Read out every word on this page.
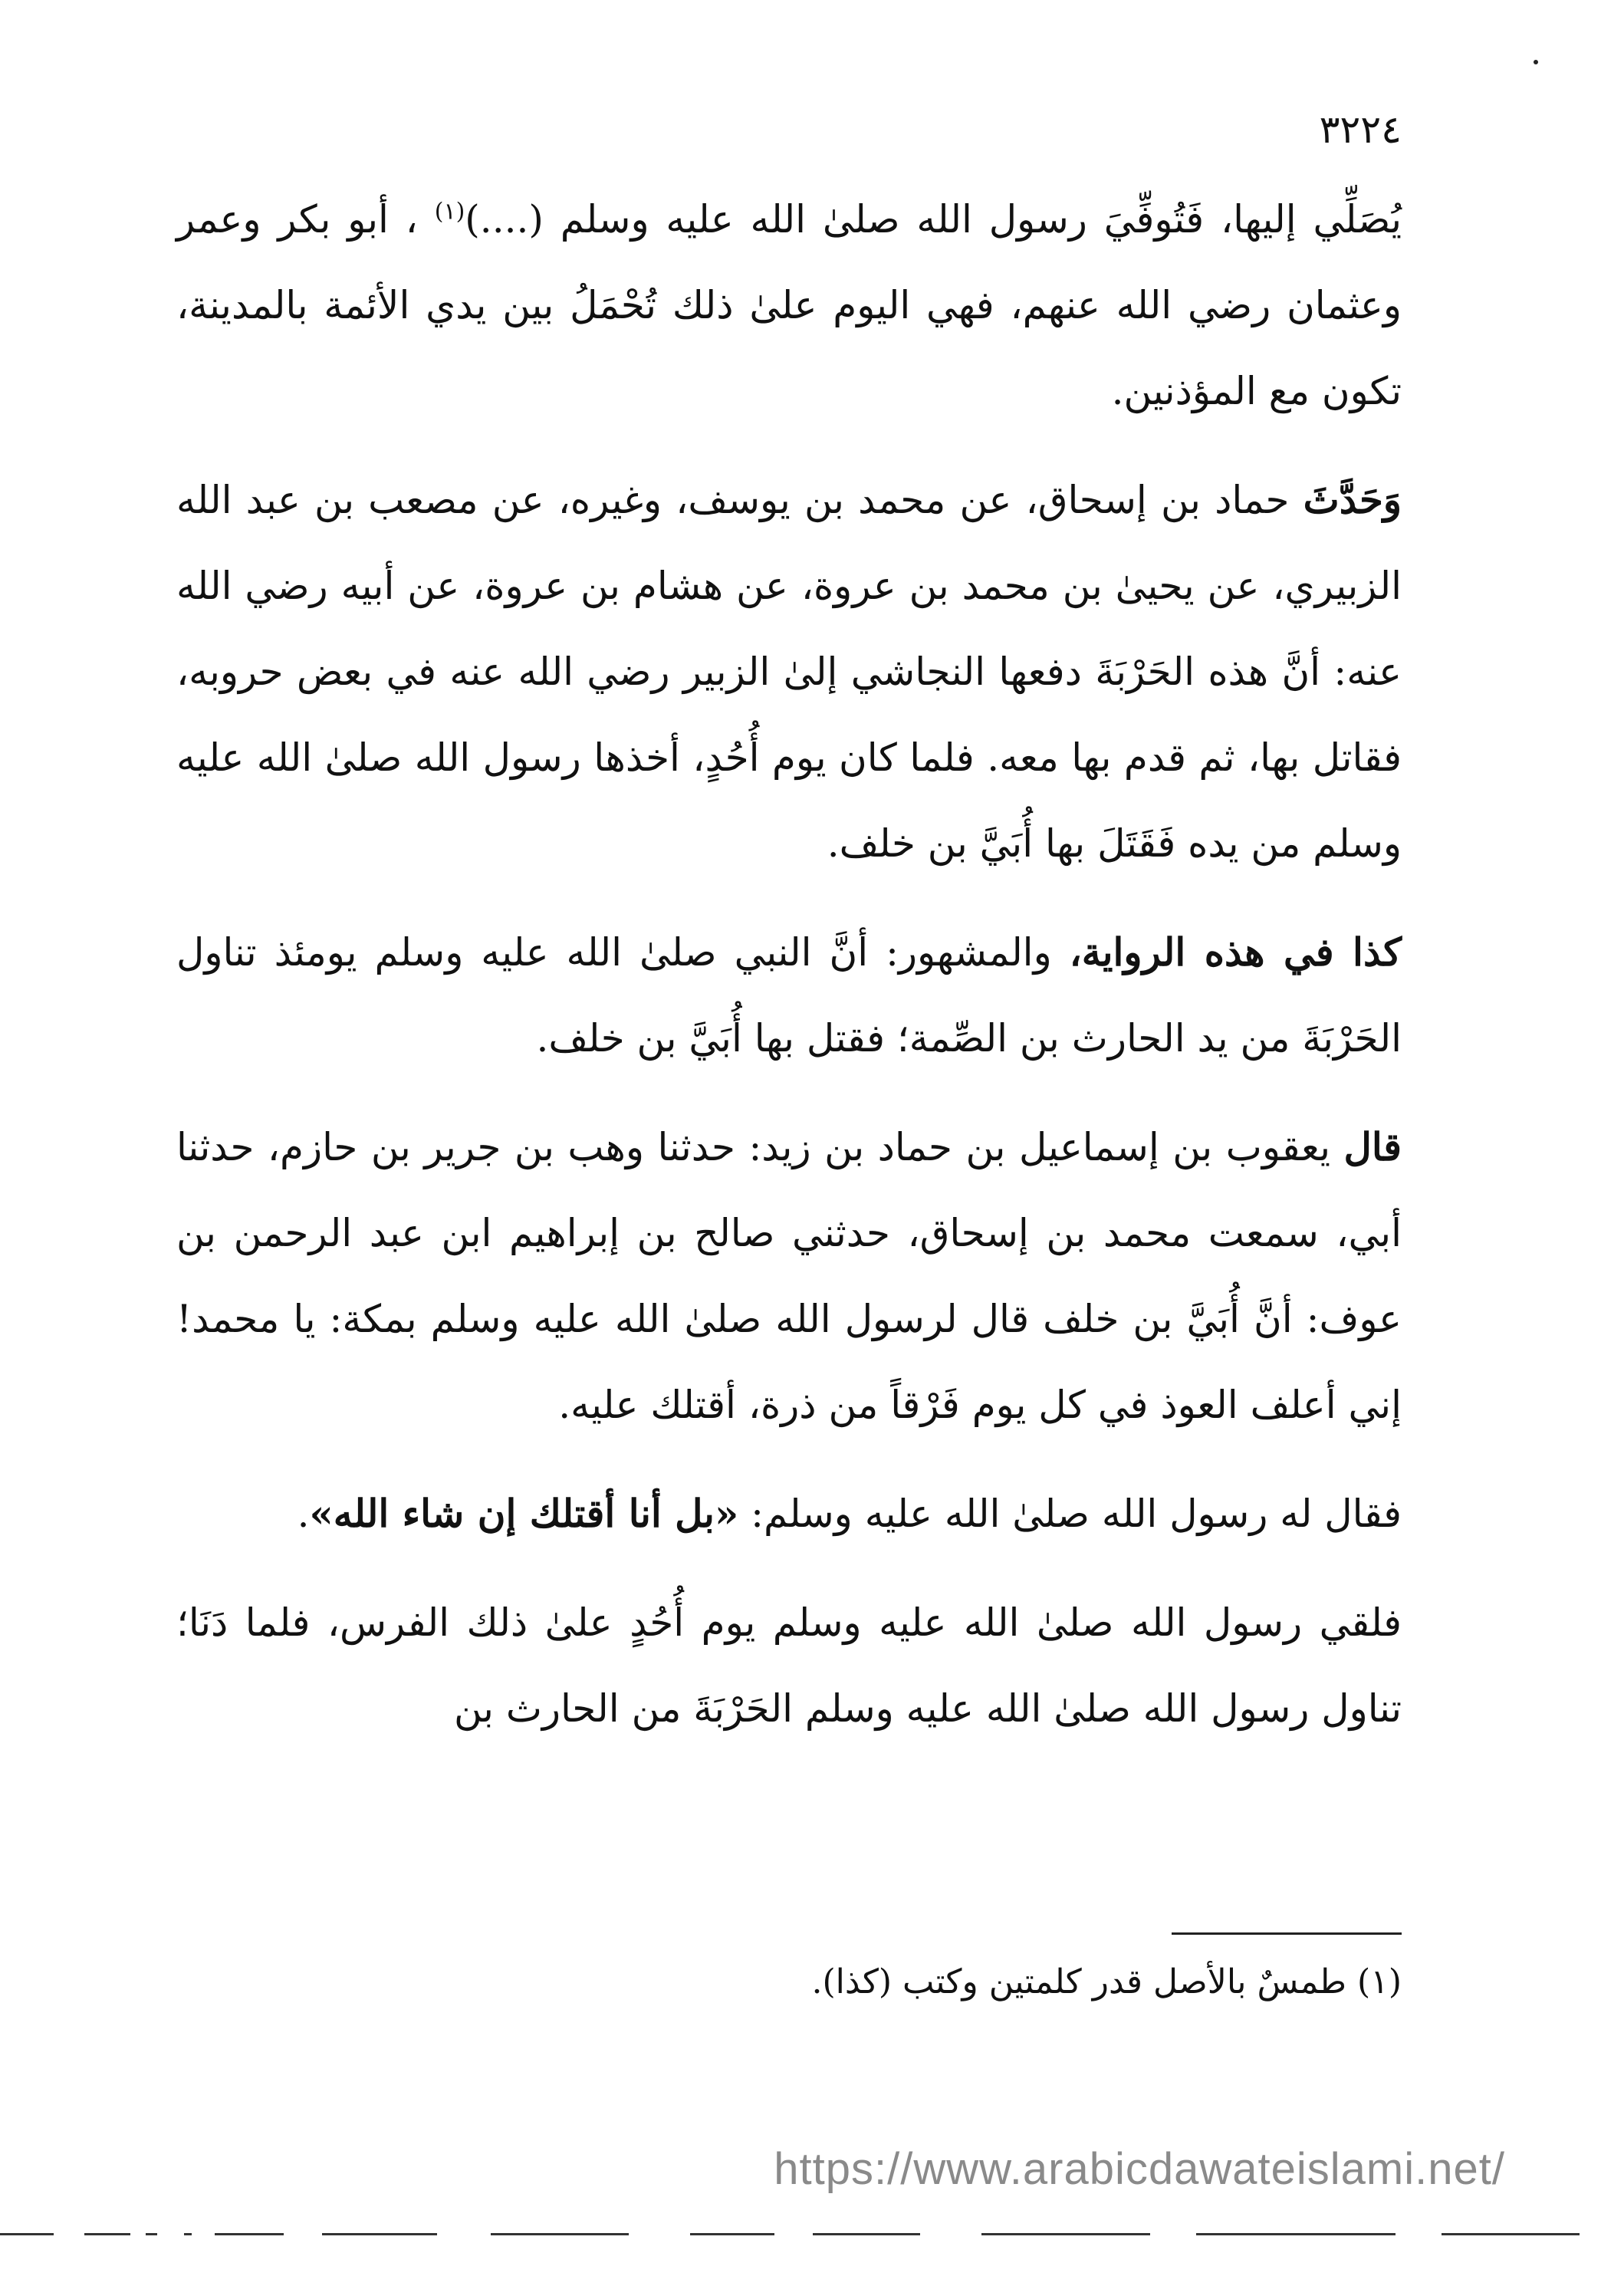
٣٢٢٤

يُصَلِّي إليها، فَتُوفِّيَ رسول الله صلىٰ الله عليه وسلم (....)$^{(١)}$ ، أبو بكر وعمر وعثمان رضي الله عنهم، فهي اليوم علىٰ ذلك تُحْمَلُ بين يدي الأئمة بالمدينة، تكون مع المؤذنين.

وَحَدَّثَ حماد بن إسحاق، عن محمد بن يوسف، وغيره، عن مصعب بن عبد الله الزبيري، عن يحيىٰ بن محمد بن عروة، عن هشام بن عروة، عن أبيه رضي الله عنه: أنَّ هذه الحَرْبَةَ دفعها النجاشي إلىٰ الزبير رضي الله عنه في بعض حروبه، فقاتل بها، ثم قدم بها معه. فلما كان يوم أُحُدٍ، أخذها رسول الله صلىٰ الله عليه وسلم من يده فَقَتَلَ بها أُبَيَّ بن خلف.

كذا في هذه الرواية، والمشهور: أنَّ النبي صلىٰ الله عليه وسلم يومئذ تناول الحَرْبَةَ من يد الحارث بن الصِّمة؛ فقتل بها أُبَيَّ بن خلف.

قال يعقوب بن إسماعيل بن حماد بن زيد: حدثنا وهب بن جرير بن حازم، حدثنا أبي، سمعت محمد بن إسحاق، حدثني صالح بن إبراهيم ابن عبد الرحمن بن عوف: أنَّ أُبَيَّ بن خلف قال لرسول الله صلىٰ الله عليه وسلم بمكة: يا محمد! إني أعلف العوذ في كل يوم فَرْقاً من ذرة، أقتلك عليه.

فقال له رسول الله صلىٰ الله عليه وسلم: «بل أنا أقتلك إن شاء الله».

فلقي رسول الله صلىٰ الله عليه وسلم يوم أُحُدٍ علىٰ ذلك الفرس، فلما دَنَا؛ تناول رسول الله صلىٰ الله عليه وسلم الحَرْبَةَ من الحارث بن

(١) طمسٌ بالأصل قدر كلمتين وكتب (كذا).
https://www.arabicdawateislami.net/
